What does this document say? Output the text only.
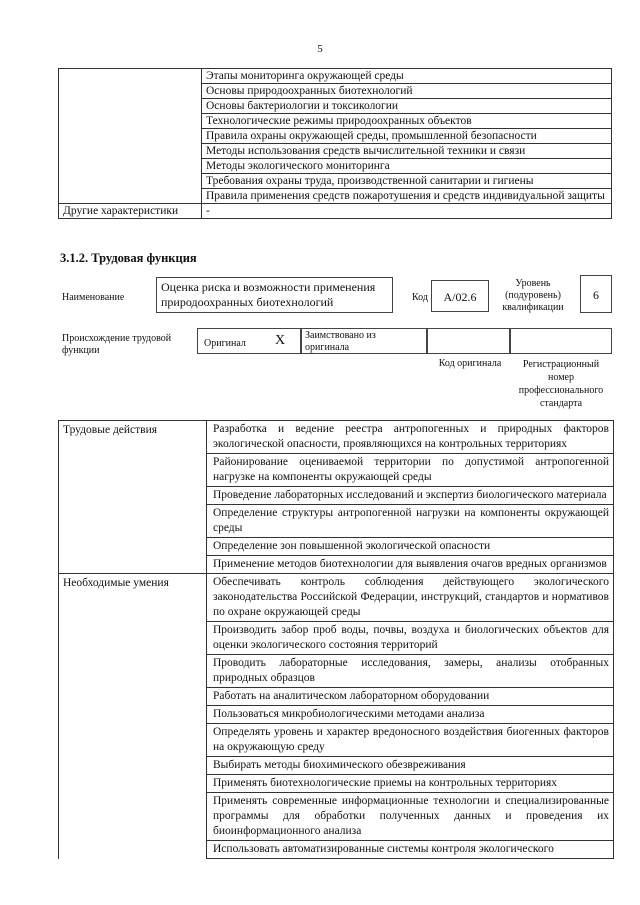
5
	Этапы мониторинга окружающей среды
	Основы природоохранных биотехнологий
	Основы бактериологии и токсикологии
	Технологические режимы природоохранных объектов
	Правила охраны окружающей среды, промышленной безопасности
	Методы использования средств вычислительной техники и связи
	Методы экологического мониторинга
	Требования охраны труда, производственной санитарии и гигиены
	Правила применения средств пожаротушения и средств индивидуальной защиты
Другие характеристики	-
3.1.2. Трудовая функция
Наименование
Оценка риска и возможности применения природоохранных биотехнологий	Код	A/02.6
Уровень (подуровень) квалификации
6
Происхождение трудовой функции
Оригинал X Заимствовано из оригинала
Код оригинала	Регистрационный номер профессионального стандарта
Трудовые действия	Разработка и ведение реестра антропогенных и природных факторов экологической опасности, проявляющихся на контрольных территориях
	Районирование оцениваемой территории по допустимой антропогенной нагрузке на компоненты окружающей среды
	Проведение лабораторных исследований и экспертиз биологического материала
	Определение структуры антропогенной нагрузки на компоненты окружающей среды
	Определение зон повышенной экологической опасности
	Применение методов биотехнологии для выявления очагов вредных организмов
Необходимые умения	Обеспечивать контроль соблюдения действующего экологического законодательства Российской Федерации, инструкций, стандартов и нормативов по охране окружающей среды
	Производить забор проб воды, почвы, воздуха и биологических объектов для оценки экологического состояния территорий
	Проводить лабораторные исследования, замеры, анализы отобранных природных образцов
	Работать на аналитическом лабораторном оборудовании
	Пользоваться микробиологическими методами анализа
	Определять уровень и характер вредоносного воздействия биогенных факторов на окружающую среду
	Выбирать методы биохимического обезвреживания
	Применять биотехнологические приемы на контрольных территориях
	Применять современные информационные технологии и специализированные программы для обработки полученных данных и проведения их биоинформационного анализа
	Использовать автоматизированные системы контроля экологического
